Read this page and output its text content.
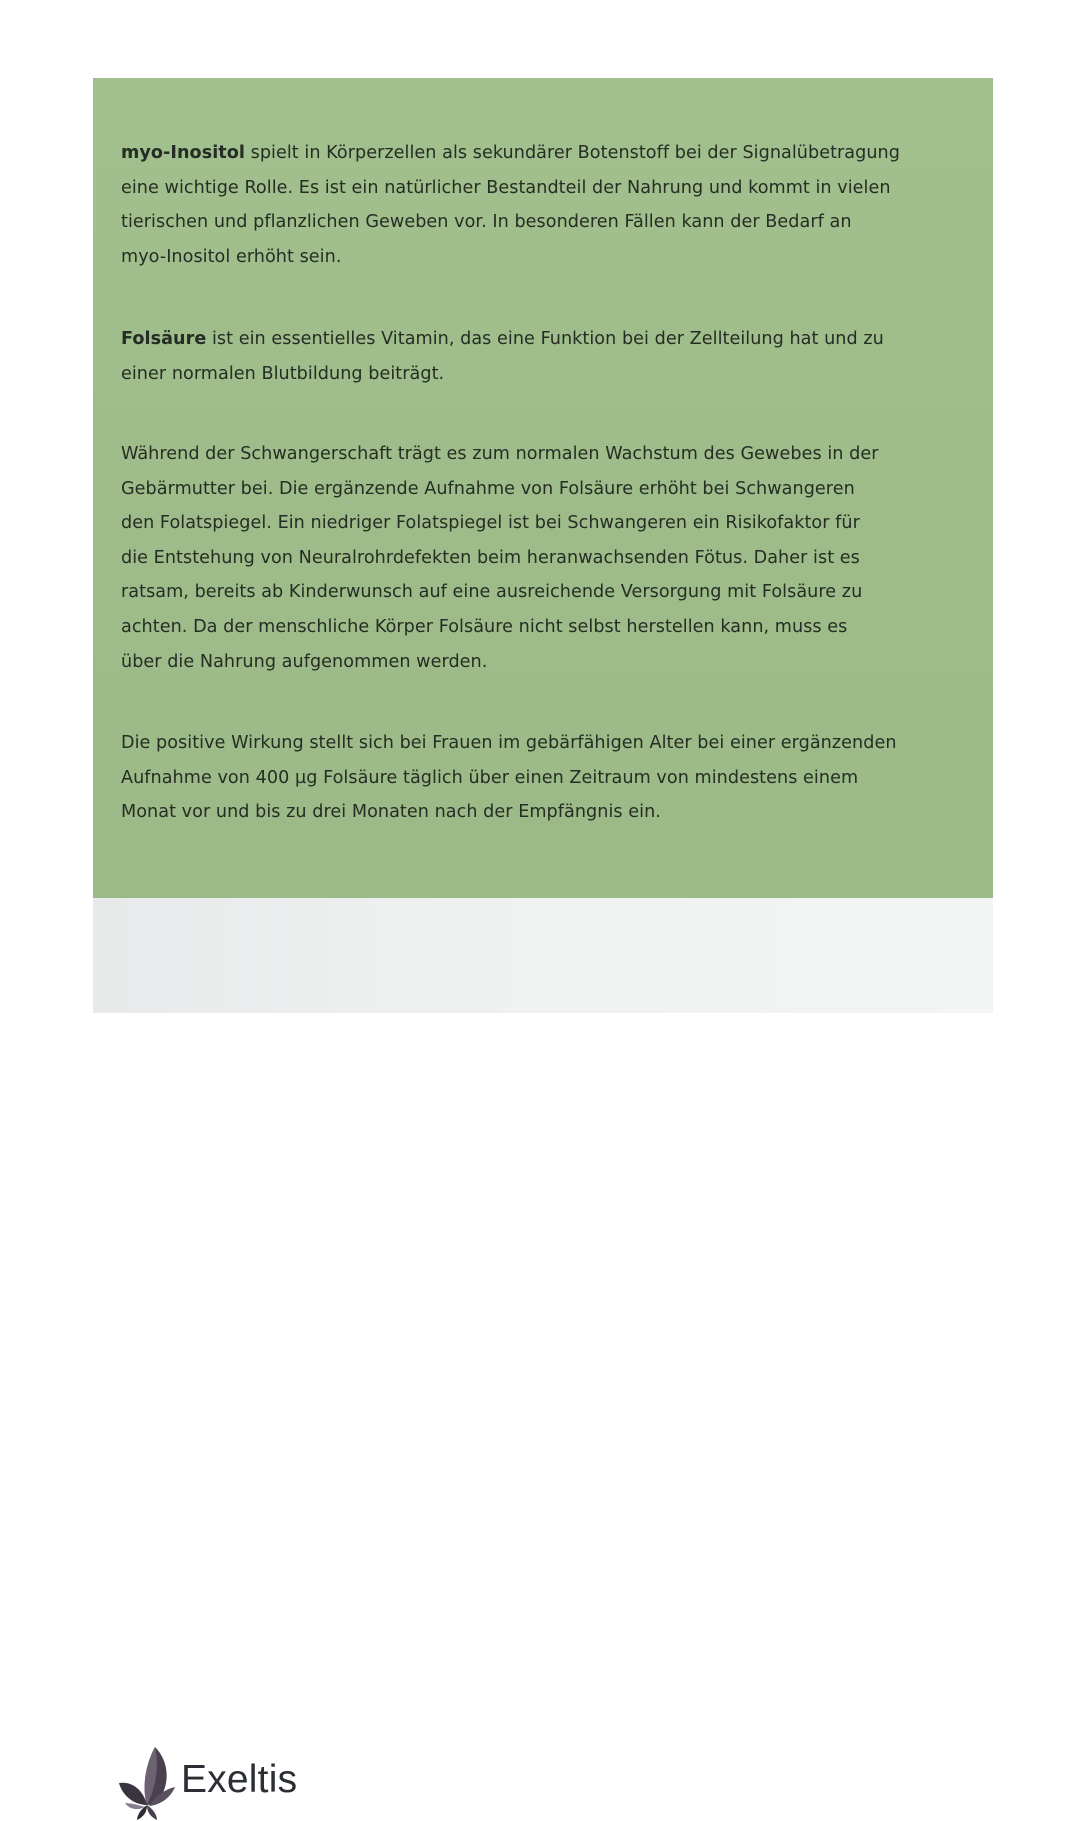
myo-Inositol spielt in Körperzellen als sekundärer Botenstoff bei der Signalübetragung
eine wichtige Rolle. Es ist ein natürlicher Bestandteil der Nahrung und kommt in vielen
tierischen und pflanzlichen Geweben vor. In besonderen Fällen kann der Bedarf an
myo-Inositol erhöht sein.

Folsäure ist ein essentielles Vitamin, das eine Funktion bei der Zellteilung hat und zu
einer normalen Blutbildung beiträgt.

Während der Schwangerschaft trägt es zum normalen Wachstum des Gewebes in der
Gebärmutter bei. Die ergänzende Aufnahme von Folsäure erhöht bei Schwangeren
den Folatspiegel. Ein niedriger Folatspiegel ist bei Schwangeren ein Risikofaktor für
die Entstehung von Neuralrohrdefekten beim heranwachsenden Fötus. Daher ist es
ratsam, bereits ab Kinderwunsch auf eine ausreichende Versorgung mit Folsäure zu
achten. Da der menschliche Körper Folsäure nicht selbst herstellen kann, muss es
über die Nahrung aufgenommen werden.

Die positive Wirkung stellt sich bei Frauen im gebärfähigen Alter bei einer ergänzenden
Aufnahme von 400 µg Folsäure täglich über einen Zeitraum von mindestens einem
Monat vor und bis zu drei Monaten nach der Empfängnis ein.

Exeltis
